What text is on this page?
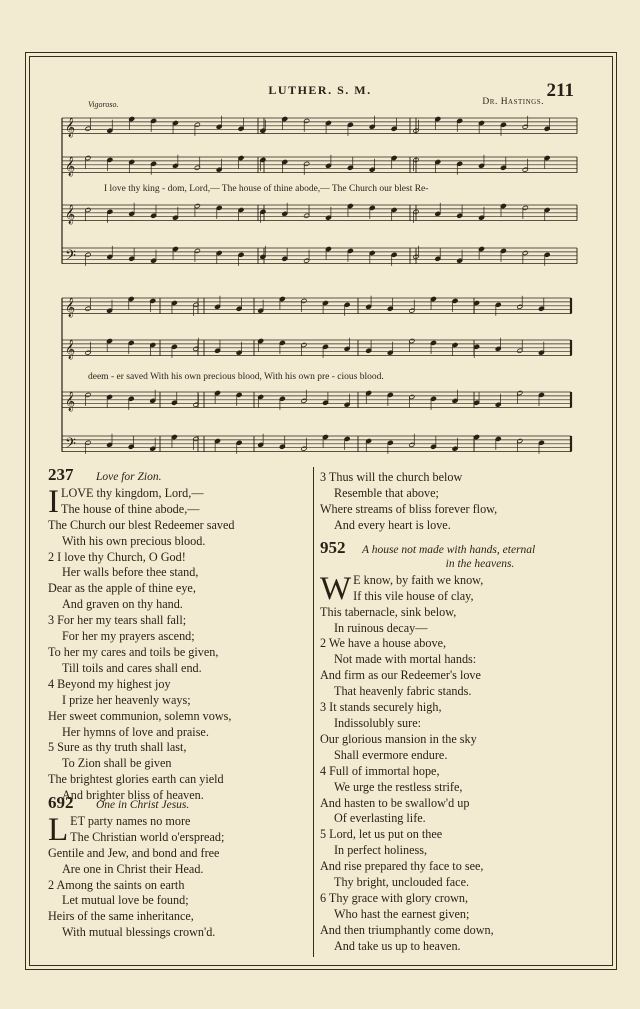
LUTHER. S. M.
Dr. Hastings.
211
Vigoroso.
𝄞
𝄞
𝄞
𝄢
𝄞
𝄞
𝄞
𝄢
I love thy king - dom, Lord,— The house of thine abode,— The Church our blest Re-
deem - er saved With his own precious blood, With his own pre - cious blood.
237	Love for Zion.
I LOVE thy kingdom, Lord,—
The house of thine abode,—
The Church our blest Redeemer saved
With his own precious blood.
2 I love thy Church, O God!
Her walls before thee stand,
Dear as the apple of thine eye,
And graven on thy hand.
3 For her my tears shall fall;
For her my prayers ascend;
To her my cares and toils be given,
Till toils and cares shall end.
4 Beyond my highest joy
I prize her heavenly ways;
Her sweet communion, solemn vows,
Her hymns of love and praise.
5 Sure as thy truth shall last,
To Zion shall be given
The brightest glories earth can yield
And brighter bliss of heaven.
692	One in Christ Jesus.
L ET party names no more
The Christian world o'erspread;
Gentile and Jew, and bond and free
Are one in Christ their Head.
2 Among the saints on earth
Let mutual love be found;
Heirs of the same inheritance,
With mutual blessings crown'd.
3 Thus will the church below
Resemble that above;
Where streams of bliss forever flow,
And every heart is love.
952	A house not made with hands, eternal
in the heavens.
W E know, by faith we know,
If this vile house of clay,
This tabernacle, sink below,
In ruinous decay—
2 We have a house above,
Not made with mortal hands:
And firm as our Redeemer's love
That heavenly fabric stands.
3 It stands securely high,
Indissolubly sure:
Our glorious mansion in the sky
Shall evermore endure.
4 Full of immortal hope,
We urge the restless strife,
And hasten to be swallow'd up
Of everlasting life.
5 Lord, let us put on thee
In perfect holiness,
And rise prepared thy face to see,
Thy bright, unclouded face.
6 Thy grace with glory crown,
Who hast the earnest given;
And then triumphantly come down,
And take us up to heaven.
